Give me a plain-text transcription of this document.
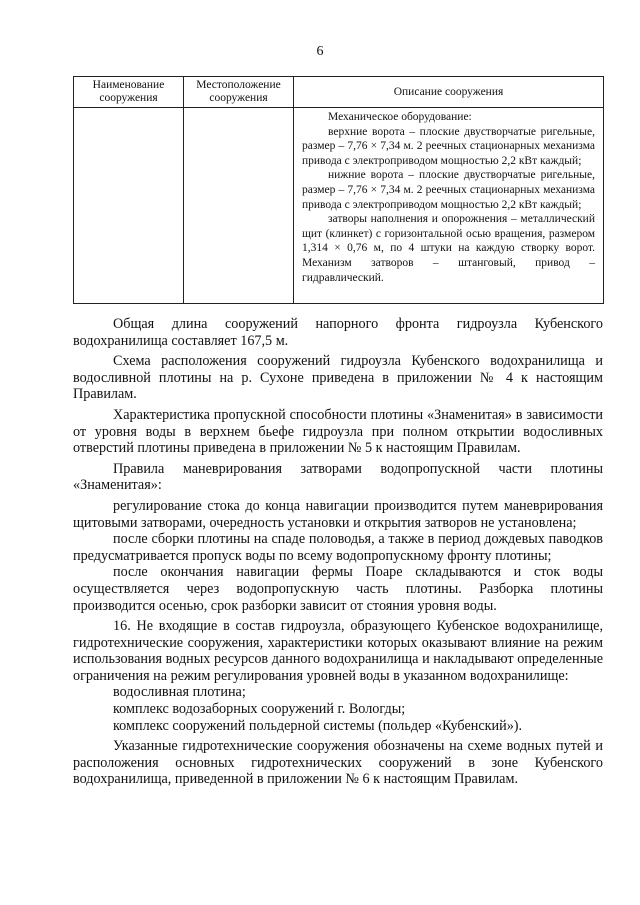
6
Наименование сооружения	Местоположение сооружения	Описание сооружения

		Механическое оборудование:

верхние ворота – плоские двустворчатые ригельные, размер – 7,76 × 7,34 м. 2 реечных стационарных механизма привода с электроприводом мощностью 2,2 кВт каждый;

нижние ворота – плоские двустворчатые ригельные, размер – 7,76 × 7,34 м. 2 реечных стационарных механизма привода с электроприводом мощностью 2,2 кВт каждый;

затворы наполнения и опорожнения – металлический щит (клинкет) с горизонтальной осью вращения, размером 1,314 × 0,76 м, по 4 штуки на каждую створку ворот. Механизм затворов – штанговый, привод – гидравлический.

Общая длина сооружений напорного фронта гидроузла Кубенского водохранилища составляет 167,5 м.

Схема расположения сооружений гидроузла Кубенского водохранилища и водосливной плотины на р. Сухоне приведена в приложении № 4 к настоящим Правилам.

Характеристика пропускной способности плотины «Знаменитая» в зависимости от уровня воды в верхнем бьефе гидроузла при полном открытии водосливных отверстий плотины приведена в приложении № 5 к настоящим Правилам.

Правила маневрирования затворами водопропускной части плотины «Знаменитая»:

регулирование стока до конца навигации производится путем маневрирования щитовыми затворами, очередность установки и открытия затворов не установлена;

после сборки плотины на спаде половодья, а также в период дождевых паводков предусматривается пропуск воды по всему водопропускному фронту плотины;

после окончания навигации фермы Поаре складываются и сток воды осуществляется через водопропускную часть плотины. Разборка плотины производится осенью, срок разборки зависит от стояния уровня воды.

16. Не входящие в состав гидроузла, образующего Кубенское водохранилище, гидротехнические сооружения, характеристики которых оказывают влияние на режим использования водных ресурсов данного водохранилища и накладывают определенные ограничения на режим регулирования уровней воды в указанном водохранилище:

водосливная плотина;

комплекс водозаборных сооружений г. Вологды;

комплекс сооружений польдерной системы (польдер «Кубенский»).

Указанные гидротехнические сооружения обозначены на схеме водных путей и расположения основных гидротехнических сооружений в зоне Кубенского водохранилища, приведенной в приложении № 6 к настоящим Правилам.
